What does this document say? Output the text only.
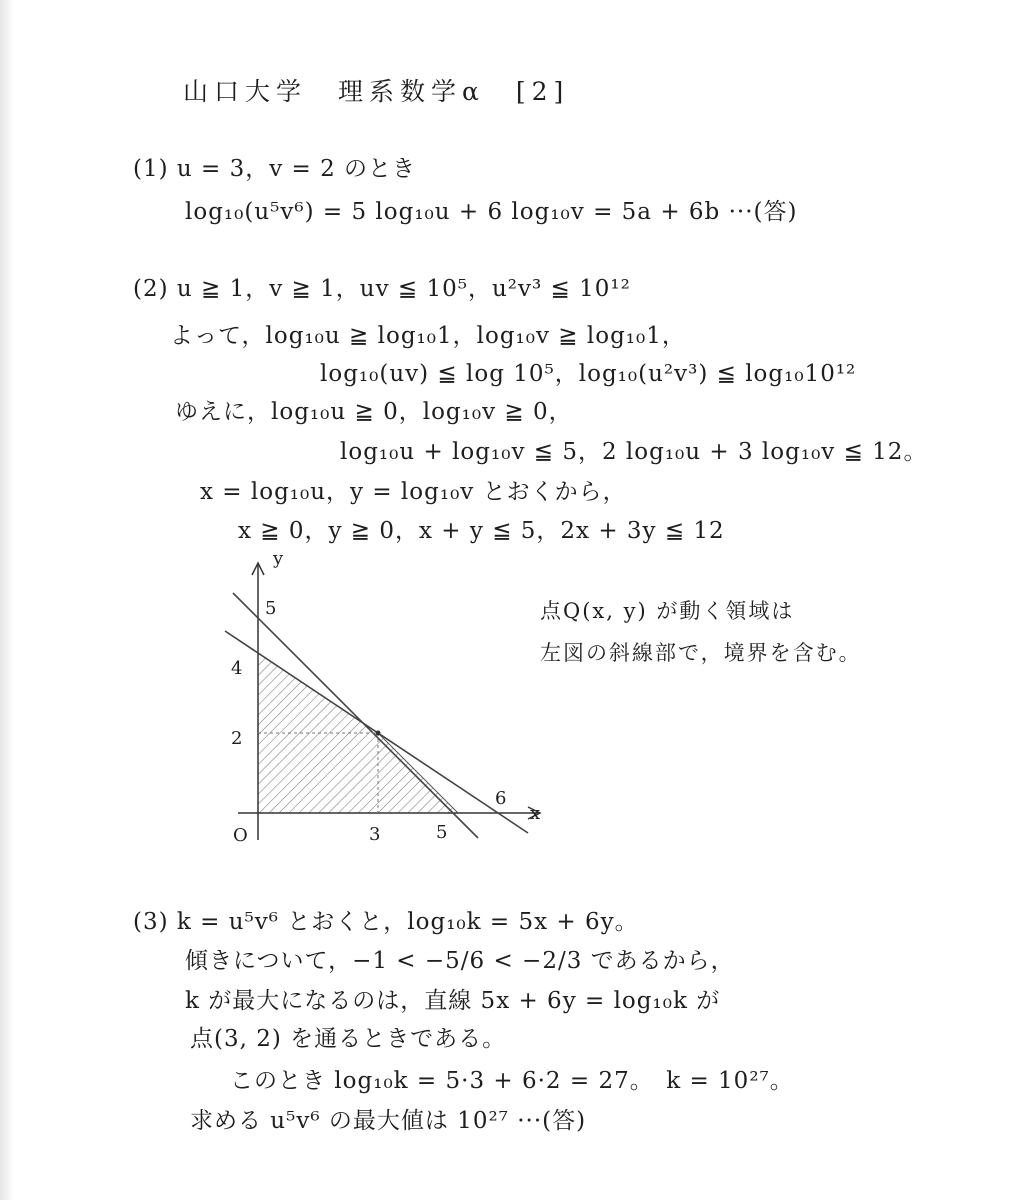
山口大学　理系数学α　[2]
(1) u = 3，v = 2 のとき
log₁₀(u⁵v⁶) = 5 log₁₀u + 6 log₁₀v = 5a + 6b ···(答)
(2) u ≧ 1，v ≧ 1，uv ≦ 10⁵，u²v³ ≦ 10¹²
よって，log₁₀u ≧ log₁₀1，log₁₀v ≧ log₁₀1，
log₁₀(uv) ≦ log 10⁵，log₁₀(u²v³) ≦ log₁₀10¹²
ゆえに，log₁₀u ≧ 0，log₁₀v ≧ 0，
log₁₀u + log₁₀v ≦ 5，2 log₁₀u + 3 log₁₀v ≦ 12。
x = log₁₀u，y = log₁₀v とおくから，
x ≧ 0，y ≧ 0，x + y ≦ 5，2x + 3y ≦ 12
y
x
O
5
4
2
3	5
6
点Q(x, y) が動く領域は
左図の斜線部で，境界を含む。
(3) k = u⁵v⁶ とおくと，log₁₀k = 5x + 6y。
傾きについて，−1 < −5/6 < −2/3 であるから，
k が最大になるのは，直線 5x + 6y = log₁₀k が
点(3, 2) を通るときである。
このとき log₁₀k = 5·3 + 6·2 = 27。　k = 10²⁷。
求める u⁵v⁶ の最大値は 10²⁷ ···(答)
